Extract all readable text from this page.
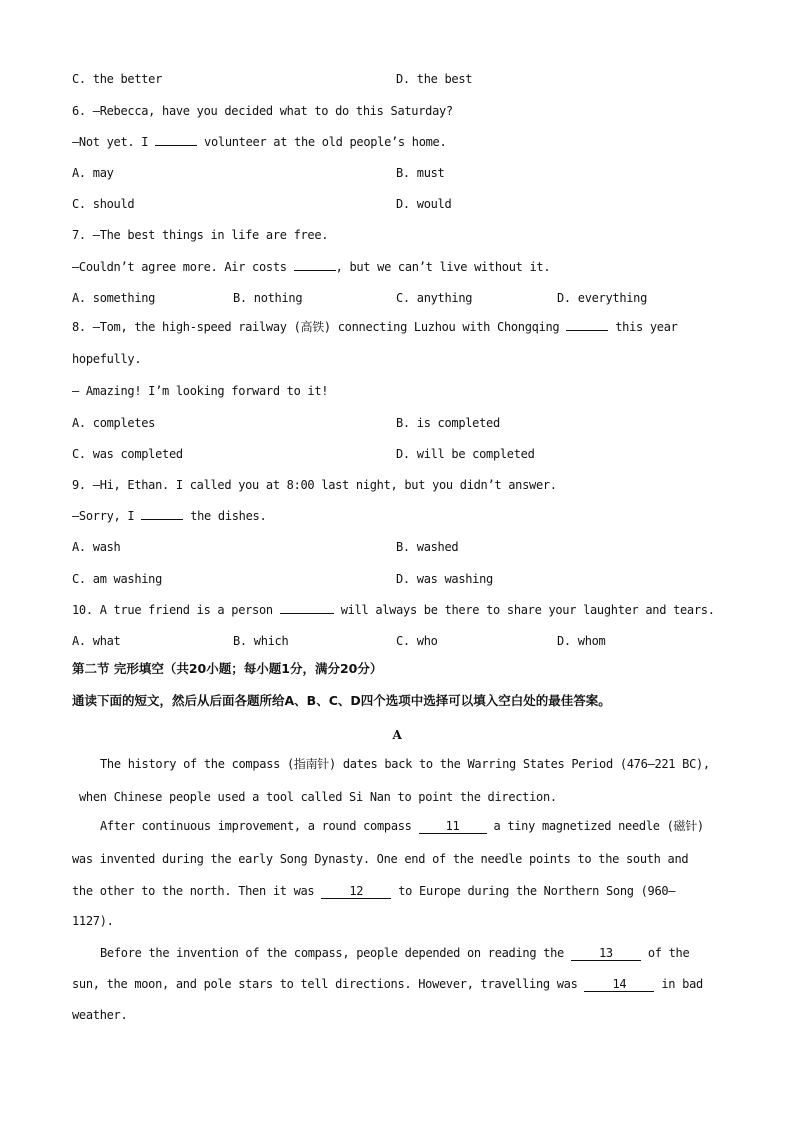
C. the better	D. the best
6. —Rebecca, have you decided what to do this Saturday?
—Not yet. I	volunteer at the old people’s home.
A. may	B. must
C. should	D. would
7. —The best things in life are free.
—Couldn’t agree more. Air costs	, but we can’t live without it.
A. something	B. nothing	C. anything	D. everything
8. —Tom, the high-speed railway (高铁) connecting Luzhou with Chongqing	this year
hopefully.
— Amazing! I’m looking forward to it!
A. completes	B. is completed
C. was completed	D. will be completed
9. —Hi, Ethan. I called you at 8:00 last night, but you didn’t answer.
—Sorry, I	the dishes.
A. wash	B. washed
C. am washing	D. was washing
10. A true friend is a person	will always be there to share your laughter and tears.
A. what	B. which	C. who	D. whom
第二节 完形填空（共20小题；每小题1分，满分20分）
通读下面的短文，然后从后面各题所给A、B、C、D四个选项中选择可以填入空白处的最佳答案。
A
The history of the compass (指南针) dates back to the Warring States Period (476—221 BC),
when Chinese people used a tool called Si Nan to point the direction.
After continuous improvement, a round compass	11	a tiny magnetized needle (磁针)
was invented during the early Song Dynasty. One end of the needle points to the south and
the other to the north. Then it was	12	to Europe during the Northern Song (960—
1127).
Before the invention of the compass, people depended on reading the	13	of the
sun, the moon, and pole stars to tell directions. However, travelling was	14	in bad
weather.
